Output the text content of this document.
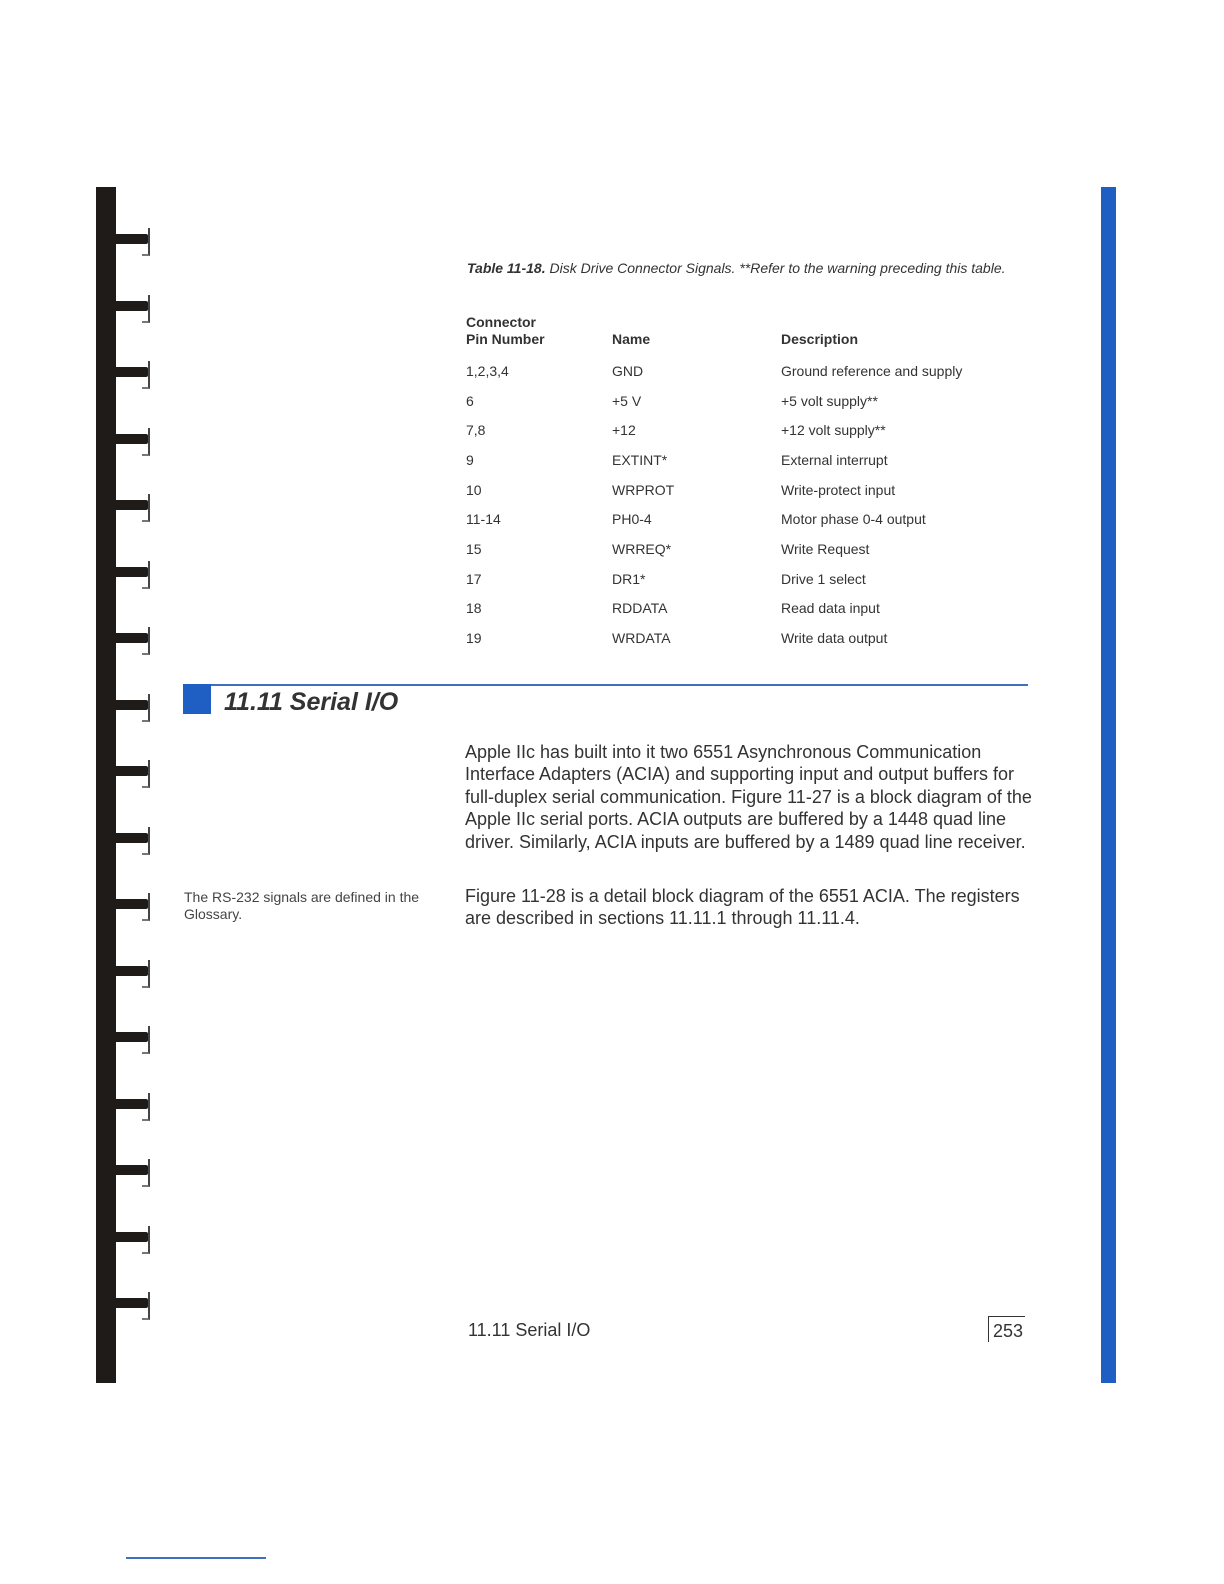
Table 11-18. Disk Drive Connector Signals. **Refer to the warning preceding this table.
Connector
Pin Number	Name	Description
1,2,3,4	GND	Ground reference and supply
6	+5 V	+5 volt supply**
7,8	+12	+12 volt supply**
9	EXTINT*	External interrupt
10	WRPROT	Write-protect input
11-14	PH0-4	Motor phase 0-4 output
15	WRREQ*	Write Request
17	DR1*	Drive 1 select
18	RDDATA	Read data input
19	WRDATA	Write data output
11.11 Serial I/O
Apple IIc has built into it two 6551 Asynchronous Communication Interface Adapters (ACIA) and supporting input and output buffers for full-duplex serial communication. Figure 11-27 is a block diagram of the Apple IIc serial ports. ACIA outputs are buffered by a 1448 quad line driver. Similarly, ACIA inputs are buffered by a 1489 quad line receiver.
Figure 11-28 is a detail block diagram of the 6551 ACIA. The registers are described in sections 11.11.1 through 11.11.4.
The RS-232 signals are defined in the Glossary.
11.11 Serial I/O	253
